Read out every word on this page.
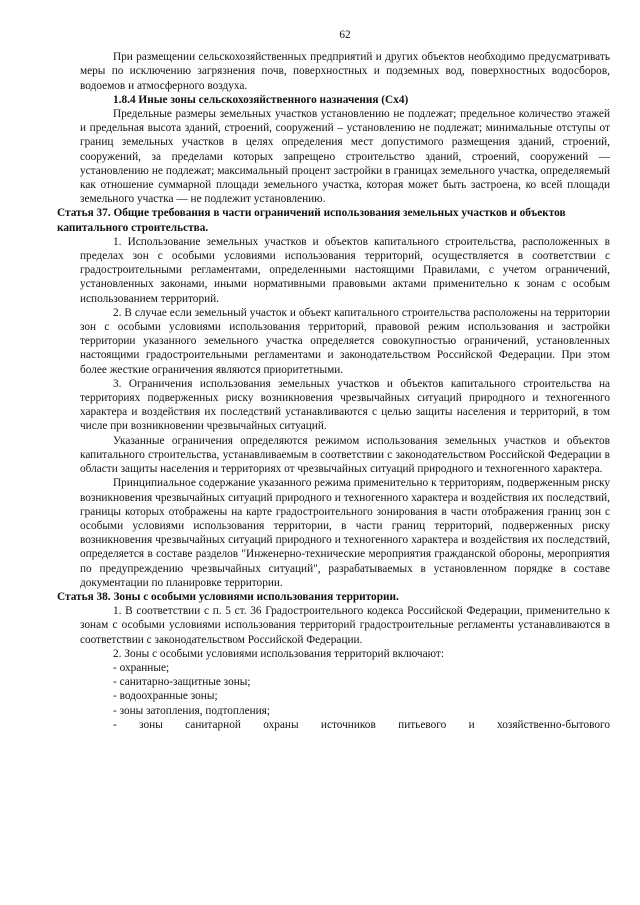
62

При размещении сельскохозяйственных предприятий и других объектов необходимо предусматривать меры по исключению загрязнения почв, поверхностных и подземных вод, поверхностных водосборов, водоемов и атмосферного воздуха.

1.8.4 Иные зоны сельскохозяйственного назначения (Сх4)

Предельные размеры земельных участков установлению не подлежат; предельное количество этажей и предельная высота зданий, строений, сооружений – установлению не подлежат; минимальные отступы от границ земельных участков в целях определения мест допустимого размещения зданий, строений, сооружений, за пределами которых запрещено строительство зданий, строений, сооружений — установлению не подлежат; максимальный процент застройки в границах земельного участка, определяемый как отношение суммарной площади земельного участка, которая может быть застроена, ко всей площади земельного участка — не подлежит установлению.

Статья 37. Общие требования в части ограничений использования земельных участков и объектов капитального строительства.

1. Использование земельных участков и объектов капитального строительства, расположенных в пределах зон с особыми условиями использования территорий, осуществляется в соответствии с градостроительными регламентами, определенными настоящими Правилами, с учетом ограничений, установленных законами, иными нормативными правовыми актами применительно к зонам с особым использованием территорий.

2. В случае если земельный участок и объект капитального строительства расположены на территории зон с особыми условиями использования территорий, правовой режим использования и застройки территории указанного земельного участка определяется совокупностью ограничений, установленных настоящими градостроительными регламентами и законодательством Российской Федерации. При этом более жесткие ограничения являются приоритетными.

3. Ограничения использования земельных участков и объектов капитального строительства на территориях подверженных риску возникновения чрезвычайных ситуаций природного и техногенного характера и воздействия их последствий устанавливаются с целью защиты населения и территорий, в том числе при возникновении чрезвычайных ситуаций.

Указанные ограничения определяются режимом использования земельных участков и объектов капитального строительства, устанавливаемым в соответствии с законодательством Российской Федерации в области защиты населения и территорияx от чрезвычайных ситуаций природного и техногенного характера.

Принципиальное содержание указанного режима применительно к территориям, подверженным риску возникновения чрезвычайных ситуаций природного и техногенного характера и воздействия их последствий, границы которых отображены на карте градостроительного зонирования в части отображения границ зон с особыми условиями использования территории, в части границ территорий, подверженных риску возникновения чрезвычайных ситуаций природного и техногенного характера и воздействия их последствий, определяется в составе разделов "Инженерно-технические мероприятия гражданской обороны, мероприятия по предупреждению чрезвычайных ситуаций", разрабатываемых в установленном порядке в составе документации по планировке территории.

Статья 38. Зоны с особыми условиями использования территории.

1. В соответствии с п. 5 ст. 36 Градостроительного кодекса Российской Федерации, применительно к зонам с особыми условиями использования территорий градостроительные регламенты устанавливаются в соответствии с законодательством Российской Федерации.

2. Зоны с особыми условиями использования территорий включают:

- охранные;

- санитарно-защитные зоны;

- водоохранные зоны;

- зоны затопления, подтопления;

- зоны санитарной охраны источников питьевого и хозяйственно-бытового
